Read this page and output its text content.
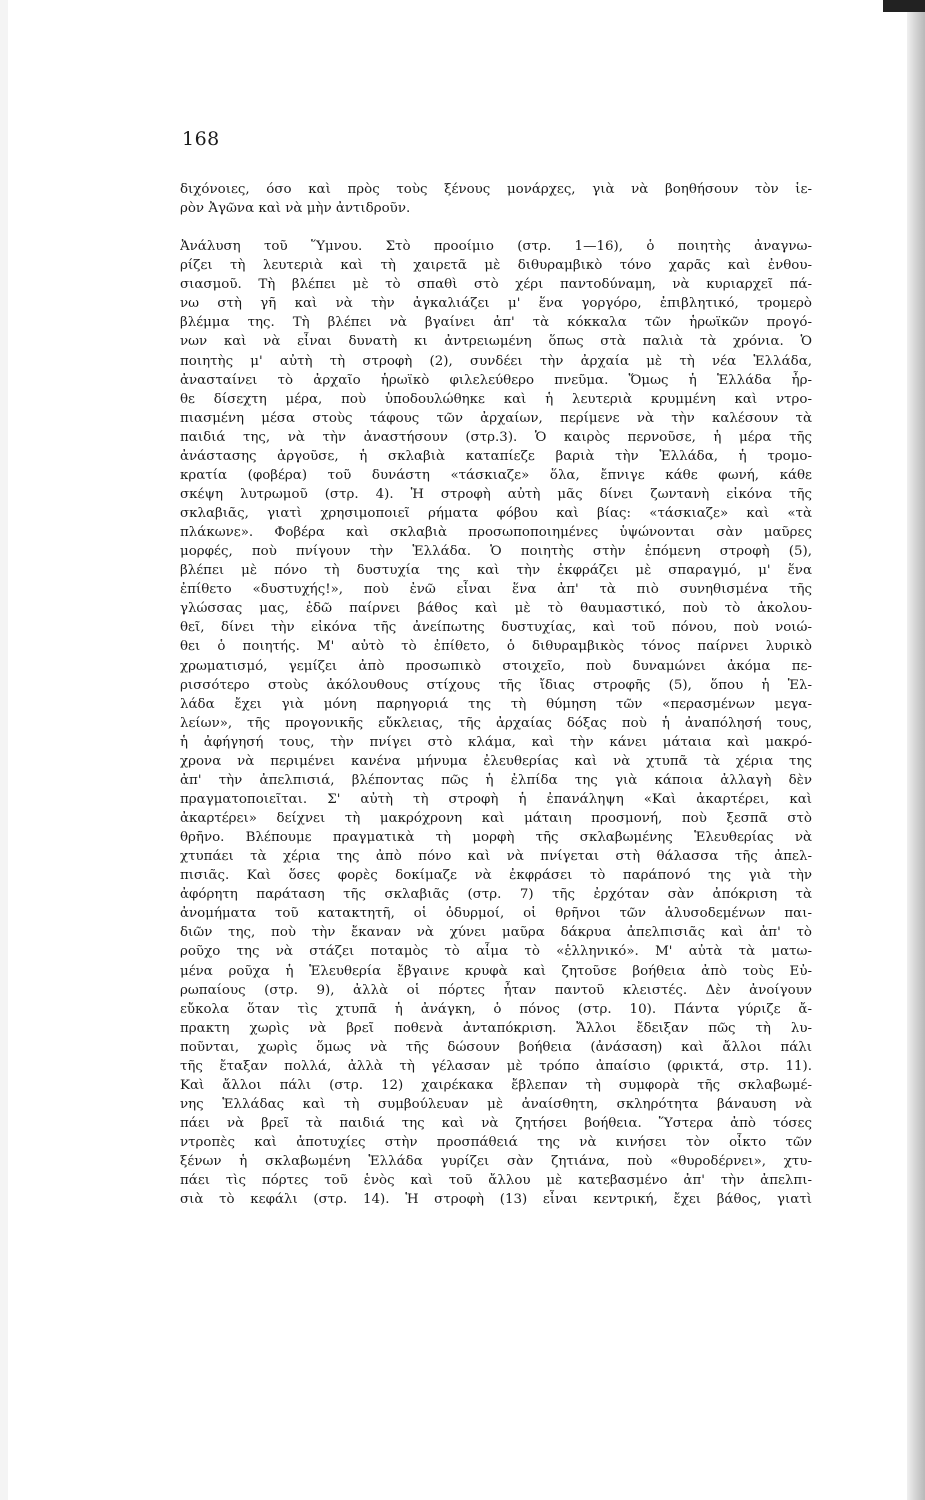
168
διχόνοιες, όσο καὶ πρὸς τοὺς ξένους μονάρχες, γιὰ νὰ βοηθήσουν τὸν ἱε-
ρὸν Ἀγῶνα καὶ νὰ μὴν ἀντιδροῦν.
Ἀνάλυση τοῦ Ὕμνου. Στὸ προοίμιο (στρ. 1—16), ὁ ποιητὴς ἀναγνω-
ρίζει τὴ λευτεριὰ καὶ τὴ χαιρετᾶ μὲ διθυραμβικὸ τόνο χαρᾶς καὶ ἐνθου-
σιασμοῦ. Τὴ βλέπει μὲ τὸ σπαθὶ στὸ χέρι παντοδύναμη, νὰ κυριαρχεῖ πά-
νω στὴ γῆ καὶ νὰ τὴν ἀγκαλιάζει μ' ἕνα γοργόρο, ἐπιβλητικό, τρομερὸ
βλέμμα της. Τὴ βλέπει νὰ βγαίνει ἀπ' τὰ κόκκαλα τῶν ἡρωϊκῶν προγό-
νων καὶ νὰ εἶναι δυνατὴ κι ἀντρειωμένη ὅπως στὰ παλιὰ τὰ χρόνια. Ὁ
ποιητὴς μ' αὐτὴ τὴ στροφὴ (2), συνδέει τὴν ἀρχαία μὲ τὴ νέα Ἑλλάδα,
ἀνασταίνει τὸ ἀρχαῖο ἡρωϊκὸ φιλελεύθερο πνεῦμα. Ὅμως ἡ Ἑλλάδα ἦρ-
θε δίσεχτη μέρα, ποὺ ὑποδουλώθηκε καὶ ἡ λευτεριὰ κρυμμένη καὶ ντρο-
πιασμένη μέσα στοὺς τάφους τῶν ἀρχαίων, περίμενε νὰ τὴν καλέσουν τὰ
παιδιά της, νὰ τὴν ἀναστήσουν (στρ.3). Ὁ καιρὸς περνοῦσε, ἡ μέρα τῆς
ἀνάστασης ἀργοῦσε, ἡ σκλαβιὰ καταπίεζε βαριὰ τὴν Ἑλλάδα, ἡ τρομο-
κρατία (φοβέρα) τοῦ δυνάστη «τάσκιαζε» ὅλα, ἔπνιγε κάθε φωνή, κάθε
σκέψη λυτρωμοῦ (στρ. 4). Ἡ στροφὴ αὐτὴ μᾶς δίνει ζωντανὴ εἰκόνα τῆς
σκλαβιᾶς, γιατὶ χρησιμοποιεῖ ρήματα φόβου καὶ βίας: «τάσκιαζε» καὶ «τὰ
πλάκωνε». Φοβέρα καὶ σκλαβιὰ προσωποποιημένες ὑψώνονται σὰν μαῦρες
μορφές, ποὺ πνίγουν τὴν Ἑλλάδα. Ὁ ποιητὴς στὴν ἑπόμενη στροφὴ (5),
βλέπει μὲ πόνο τὴ δυστυχία της καὶ τὴν ἐκφράζει μὲ σπαραγμό, μ' ἕνα
ἐπίθετο «δυστυχής!», ποὺ ἐνῶ εἶναι ἕνα ἀπ' τὰ πιὸ συνηθισμένα τῆς
γλώσσας μας, ἐδῶ παίρνει βάθος καὶ μὲ τὸ θαυμαστικό, ποὺ τὸ ἀκολου-
θεῖ, δίνει τὴν εἰκόνα τῆς ἀνείπωτης δυστυχίας, καὶ τοῦ πόνου, ποὺ νοιώ-
θει ὁ ποιητής. Μ' αὐτὸ τὸ ἐπίθετο, ὁ διθυραμβικὸς τόνος παίρνει λυρικὸ
χρωματισμό, γεμίζει ἀπὸ προσωπικὸ στοιχεῖο, ποὺ δυναμώνει ἀκόμα πε-
ρισσότερο στοὺς ἀκόλουθους στίχους τῆς ἴδιας στροφῆς (5), ὅπου ἡ Ἑλ-
λάδα ἔχει γιὰ μόνη παρηγοριά της τὴ θύμηση τῶν «περασμένων μεγα-
λείων», τῆς προγονικῆς εὔκλειας, τῆς ἀρχαίας δόξας ποὺ ἡ ἀναπόλησή τους,
ἡ ἀφήγησή τους, τὴν πνίγει στὸ κλάμα, καὶ τὴν κάνει μάταια καὶ μακρό-
χρονα νὰ περιμένει κανένα μήνυμα ἐλευθερίας καὶ νὰ χτυπᾶ τὰ χέρια της
ἀπ' τὴν ἀπελπισιά, βλέποντας πῶς ἡ ἐλπίδα της γιὰ κάποια ἀλλαγὴ δὲν
πραγματοποιεῖται. Σ' αὐτὴ τὴ στροφὴ ἡ ἐπανάληψη «Καὶ ἀκαρτέρει, καὶ
ἀκαρτέρει» δείχνει τὴ μακρόχρονη καὶ μάταιη προσμονή, ποὺ ξεσπᾶ στὸ
θρῆνο. Βλέπουμε πραγματικὰ τὴ μορφὴ τῆς σκλαβωμένης Ἑλευθερίας νὰ
χτυπάει τὰ χέρια της ἀπὸ πόνο καὶ νὰ πνίγεται στὴ θάλασσα τῆς ἀπελ-
πισιᾶς. Καὶ ὅσες φορὲς δοκίμαζε νὰ ἐκφράσει τὸ παράπονό της γιὰ τὴν
ἀφόρητη παράταση τῆς σκλαβιᾶς (στρ. 7) τῆς ἐρχόταν σὰν ἀπόκριση τὰ
ἀνομήματα τοῦ κατακτητῆ, οἱ ὀδυρμοί, οἱ θρῆνοι τῶν ἁλυσοδεμένων παι-
διῶν της, ποὺ τὴν ἔκαναν νὰ χύνει μαῦρα δάκρυα ἀπελπισιᾶς καὶ ἀπ' τὸ
ροῦχο της νὰ στάζει ποταμὸς τὸ αἷμα τὸ «ἑλληνικό». Μ' αὐτὰ τὰ ματω-
μένα ροῦχα ἡ Ἑλευθερία ἔβγαινε κρυφὰ καὶ ζητοῦσε βοήθεια ἀπὸ τοὺς Εὐ-
ρωπαίους (στρ. 9), ἀλλὰ οἱ πόρτες ἦταν παντοῦ κλειστές. Δὲν ἀνοίγουν
εὔκολα ὅταν τὶς χτυπᾶ ἡ ἀνάγκη, ὁ πόνος (στρ. 10). Πάντα γύριζε ἄ-
πρακτη χωρὶς νὰ βρεῖ ποθενὰ ἀνταπόκριση. Ἄλλοι ἔδειξαν πῶς τὴ λυ-
ποῦνται, χωρὶς ὅμως νὰ τῆς δώσουν βοήθεια (ἀνάσαση) καὶ ἄλλοι πάλι
τῆς ἔταξαν πολλά, ἀλλὰ τὴ γέλασαν μὲ τρόπο ἀπαίσιο (φρικτά, στρ. 11).
Καὶ ἄλλοι πάλι (στρ. 12) χαιρέκακα ἔβλεπαν τὴ συμφορὰ τῆς σκλαβωμέ-
νης Ἑλλάδας καὶ τὴ συμβούλευαν μὲ ἀναίσθητη, σκληρότητα βάναυση νὰ
πάει νὰ βρεῖ τὰ παιδιά της καὶ νὰ ζητήσει βοήθεια. Ὕστερα ἀπὸ τόσες
ντροπὲς καὶ ἀποτυχίες στὴν προσπάθειά της νὰ κινήσει τὸν οἶκτο τῶν
ξένων ἡ σκλαβωμένη Ἑλλάδα γυρίζει σὰν ζητιάνα, ποὺ «θυροδέρνει», χτυ-
πάει τὶς πόρτες τοῦ ἑνὸς καὶ τοῦ ἄλλου μὲ κατεβασμένο ἀπ' τὴν ἀπελπι-
σιὰ τὸ κεφάλι (στρ. 14). Ἡ στροφὴ (13) εἶναι κεντρική, ἔχει βάθος, γιατὶ
